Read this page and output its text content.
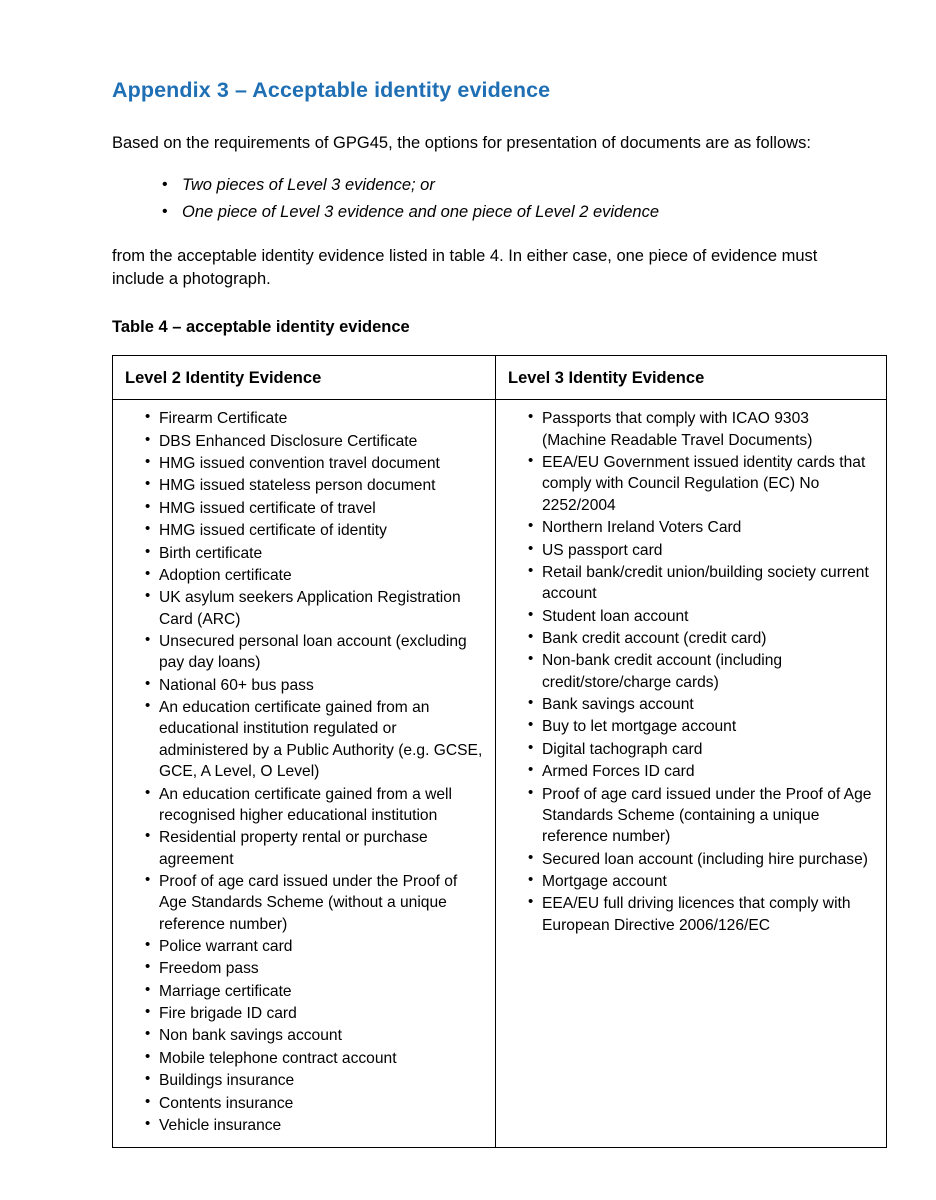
Appendix 3 – Acceptable identity evidence

Based on the requirements of GPG45, the options for presentation of documents are as follows:

• Two pieces of Level 3 evidence; or
• One piece of Level 3 evidence and one piece of Level 2 evidence

from the acceptable identity evidence listed in table 4. In either case, one piece of evidence must include a photograph.

Table 4 – acceptable identity evidence

Level 2 Identity Evidence
• Firearm Certificate
• DBS Enhanced Disclosure Certificate
• HMG issued convention travel document
• HMG issued stateless person document
• HMG issued certificate of travel
• HMG issued certificate of identity
• Birth certificate
• Adoption certificate
• UK asylum seekers Application Registration Card (ARC)
• Unsecured personal loan account (excluding pay day loans)
• National 60+ bus pass
• An education certificate gained from an educational institution regulated or administered by a Public Authority (e.g. GCSE, GCE, A Level, O Level)
• An education certificate gained from a well recognised higher educational institution
• Residential property rental or purchase agreement
• Proof of age card issued under the Proof of Age Standards Scheme (without a unique reference number)
• Police warrant card
• Freedom pass
• Marriage certificate
• Fire brigade ID card
• Non bank savings account
• Mobile telephone contract account
• Buildings insurance
• Contents insurance
• Vehicle insurance

Level 3 Identity Evidence
• Passports that comply with ICAO 9303 (Machine Readable Travel Documents)
• EEA/EU Government issued identity cards that comply with Council Regulation (EC) No 2252/2004
• Northern Ireland Voters Card
• US passport card
• Retail bank/credit union/building society current account
• Student loan account
• Bank credit account (credit card)
• Non-bank credit account (including credit/store/charge cards)
• Bank savings account
• Buy to let mortgage account
• Digital tachograph card
• Armed Forces ID card
• Proof of age card issued under the Proof of Age Standards Scheme (containing a unique reference number)
• Secured loan account (including hire purchase)
• Mortgage account
• EEA/EU full driving licences that comply with European Directive 2006/126/EC
